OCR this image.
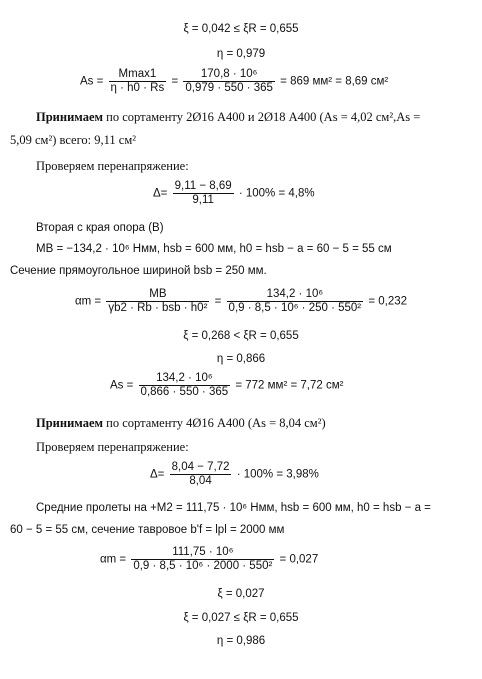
ξ = 0,042 ≤ ξR = 0,655
η = 0,979
$As = \frac{Mmax1}{\eta \cdot h0 \cdot Rs} = \frac{\text{170,8 · 10⁶}}{0,979 \cdot 550 \cdot 365} = 869$ мм² = 8,69 см²
Принимаем по сортаменту 2Ø16 А400 и 2Ø18 А400 (As = 4,02 см²,As =
5,09 см²) всего: 9,11 см²
Проверяем перенапряжение:
$\Delta= \frac{9,11 - 8,69}{9,11} \cdot 100\% = 4,8\%$
Вторая с края опора (В)
MB = −134,2 · 10⁶ Нмм, hsb = 600 мм, h0 = hsb − a = 60 − 5 = 55 см
Сечение прямоугольное шириной bsb = 250 мм.
$\alpha m = \frac{MB}{\text{γb2 · Rb · bsb · h0²}} = \frac{\text{134,2 · 10⁶}}{\text{0,9 · 8,5 · 10⁶ · 250 · 550²}} = 0,232$
ξ = 0,268 < ξR = 0,655
η = 0,866
$As = \frac{\text{134,2 · 10⁶}}{0,866 \cdot 550 \cdot 365} = 772$ мм² = 7,72 см²
Принимаем по сортаменту 4Ø16 А400 (As = 8,04 см²)
Проверяем перенапряжение:
$\Delta= \frac{8,04 - 7,72}{8,04} \cdot 100\% = 3,98\%$
Средние пролеты на +M2 = 111,75 · 10⁶ Нмм, hsb = 600 мм, h0 = hsb − a =
60 − 5 = 55 см, сечение тавровое b'f = lpl = 2000 мм
$\alpha m = \frac{\text{111,75 · 10⁶}}{\text{0,9 · 8,5 · 10⁶ · 2000 · 550²}} = 0,027$
ξ = 0,027
ξ = 0,027 ≤ ξR = 0,655
η = 0,986
